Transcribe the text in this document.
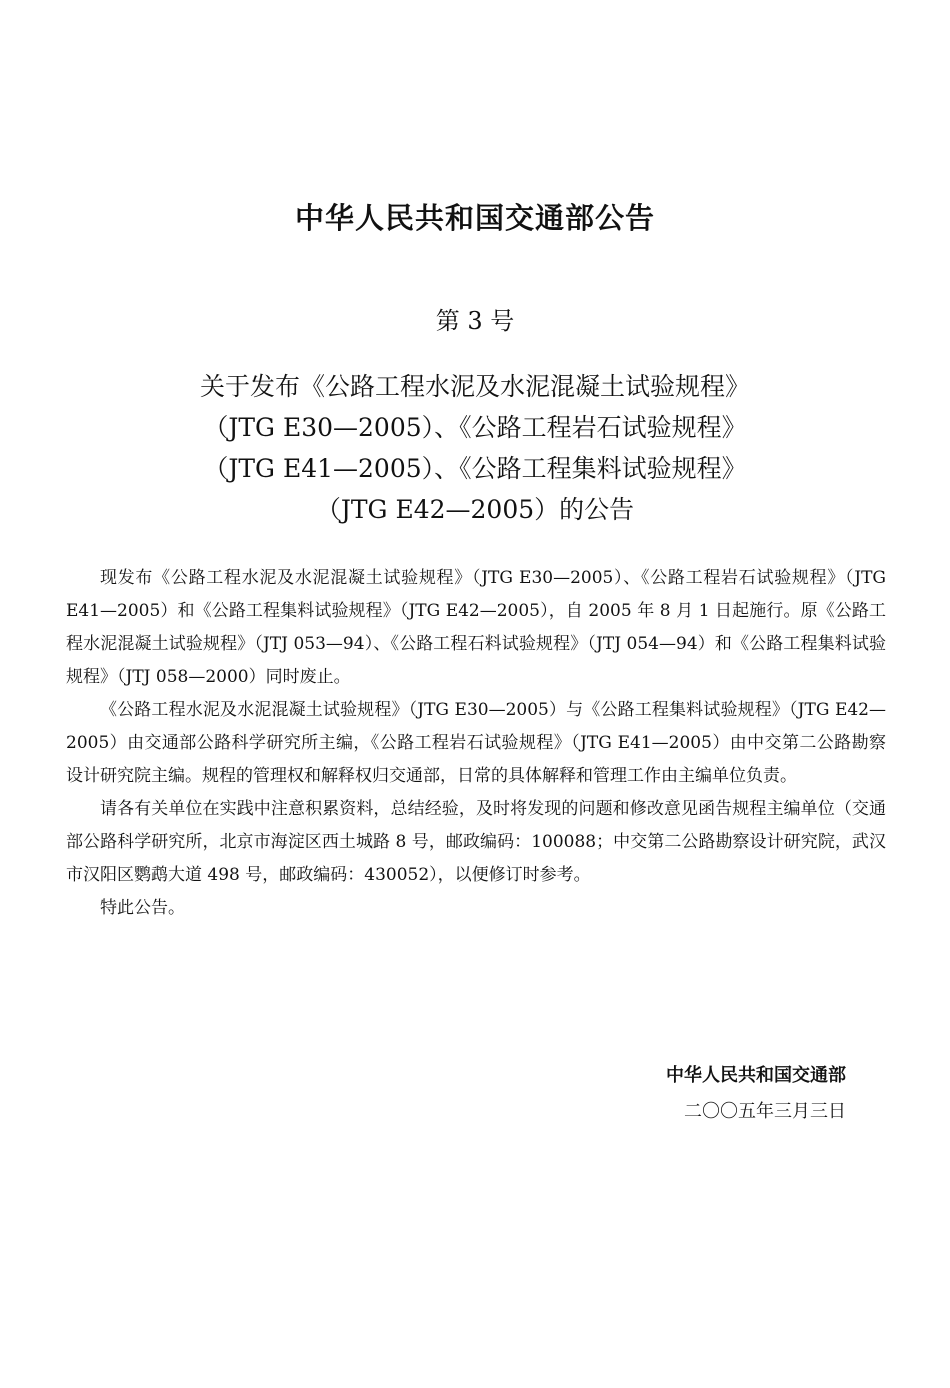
中华人民共和国交通部公告
第 3 号
关于发布《公路工程水泥及水泥混凝土试验规程》
（JTG E30—2005）、《公路工程岩石试验规程》
（JTG E41—2005）、《公路工程集料试验规程》
（JTG E42—2005）的公告

现发布《公路工程水泥及水泥混凝土试验规程》（JTG E30—2005）、《公路工程岩石试验规程》（JTG E41—2005）和《公路工程集料试验规程》（JTG E42—2005），自 2005 年 8 月 1 日起施行。原《公路工程水泥混凝土试验规程》（JTJ 053—94）、《公路工程石料试验规程》（JTJ 054—94）和《公路工程集料试验规程》（JTJ 058—2000）同时废止。

《公路工程水泥及水泥混凝土试验规程》（JTG E30—2005）与《公路工程集料试验规程》（JTG E42—2005）由交通部公路科学研究所主编，《公路工程岩石试验规程》（JTG E41—2005）由中交第二公路勘察设计研究院主编。规程的管理权和解释权归交通部，日常的具体解释和管理工作由主编单位负责。

请各有关单位在实践中注意积累资料，总结经验，及时将发现的问题和修改意见函告规程主编单位（交通部公路科学研究所，北京市海淀区西土城路 8 号，邮政编码：100088；中交第二公路勘察设计研究院，武汉市汉阳区鹦鹉大道 498 号，邮政编码：430052），以便修订时参考。

特此公告。

中华人民共和国交通部
二〇〇五年三月三日
